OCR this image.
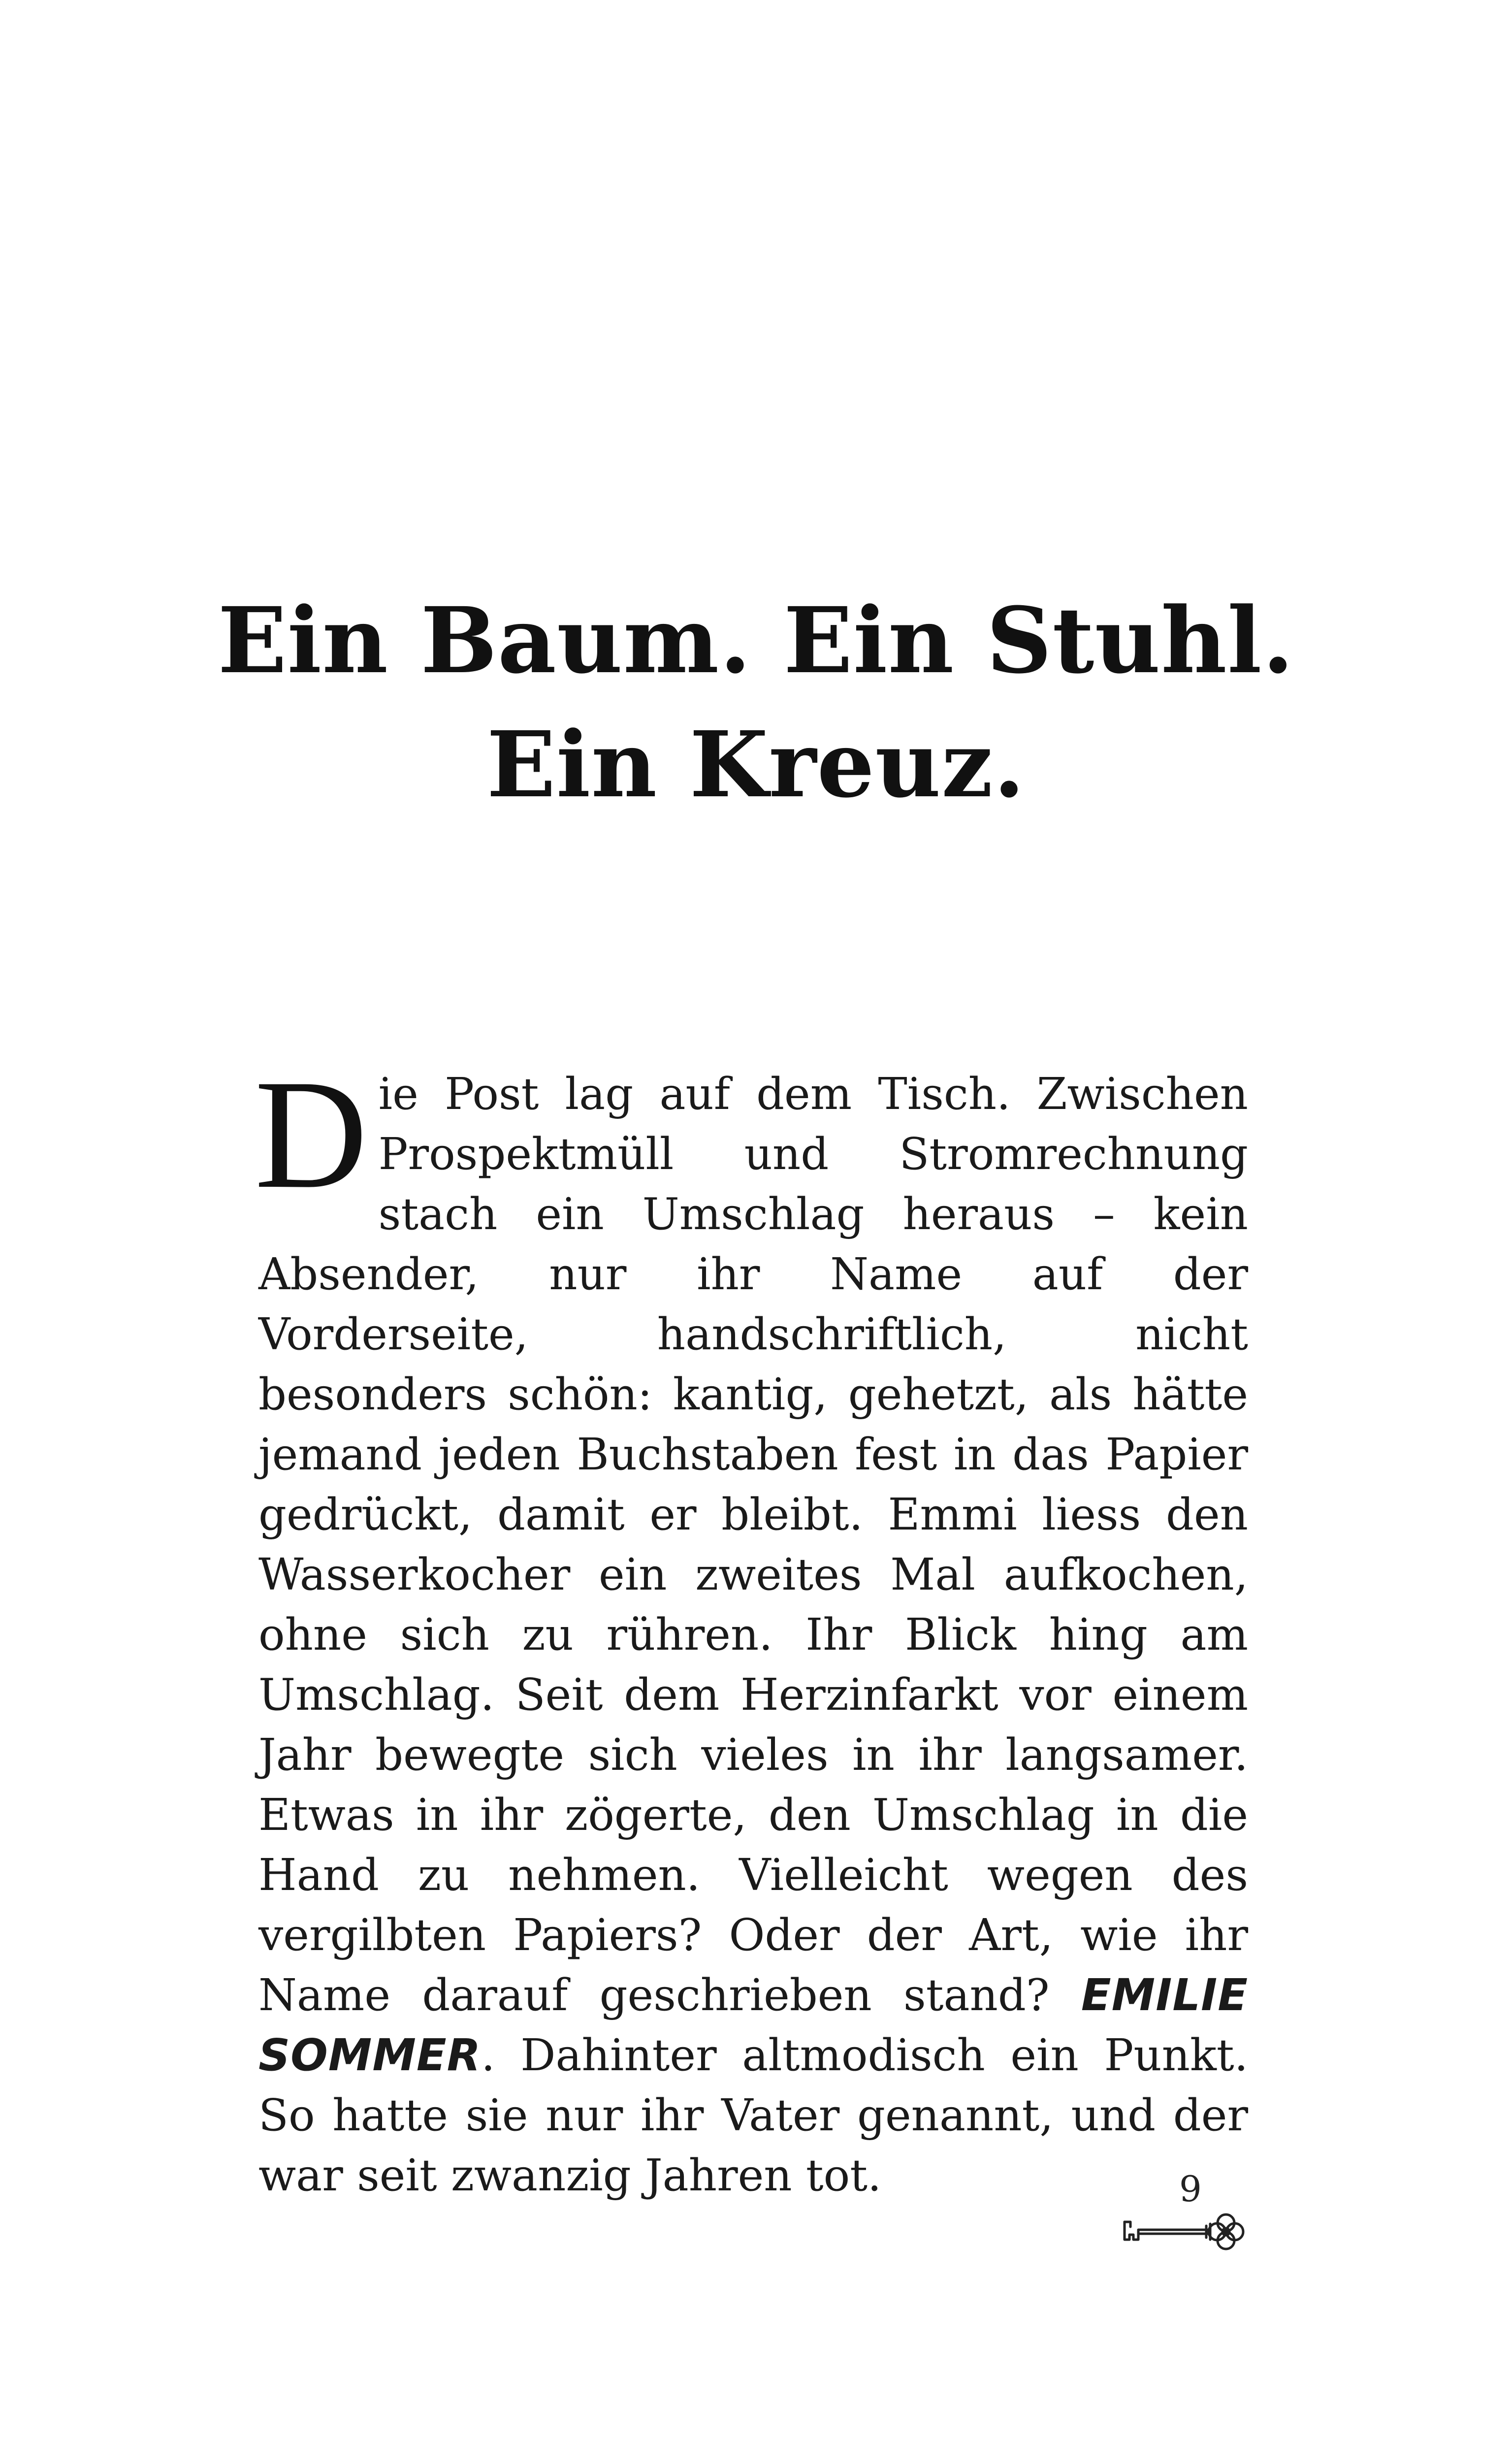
Ein Baum. Ein Stuhl.
Ein Kreuz.

Die Post lag auf dem Tisch. Zwischen Prospektmüll und Stromrechnung stach ein Umschlag heraus – kein Absender, nur ihr Name auf der Vorderseite, handschriftlich, nicht besonders schön: kantig, gehetzt, als hätte jemand jeden Buchstaben fest in das Papier gedrückt, damit er bleibt. Emmi liess den Wasserkocher ein zweites Mal aufkochen, ohne sich zu rühren. Ihr Blick hing am Umschlag. Seit dem Herzinfarkt vor einem Jahr bewegte sich vieles in ihr langsamer. Etwas in ihr zögerte, den Umschlag in die Hand zu nehmen. Vielleicht wegen des vergilbten Papiers? Oder der Art, wie ihr Name darauf geschrieben stand? EMILIE SOMMER. Dahinter altmodisch ein Punkt. So hatte sie nur ihr Vater genannt, und der war seit zwanzig Jahren tot.	9
